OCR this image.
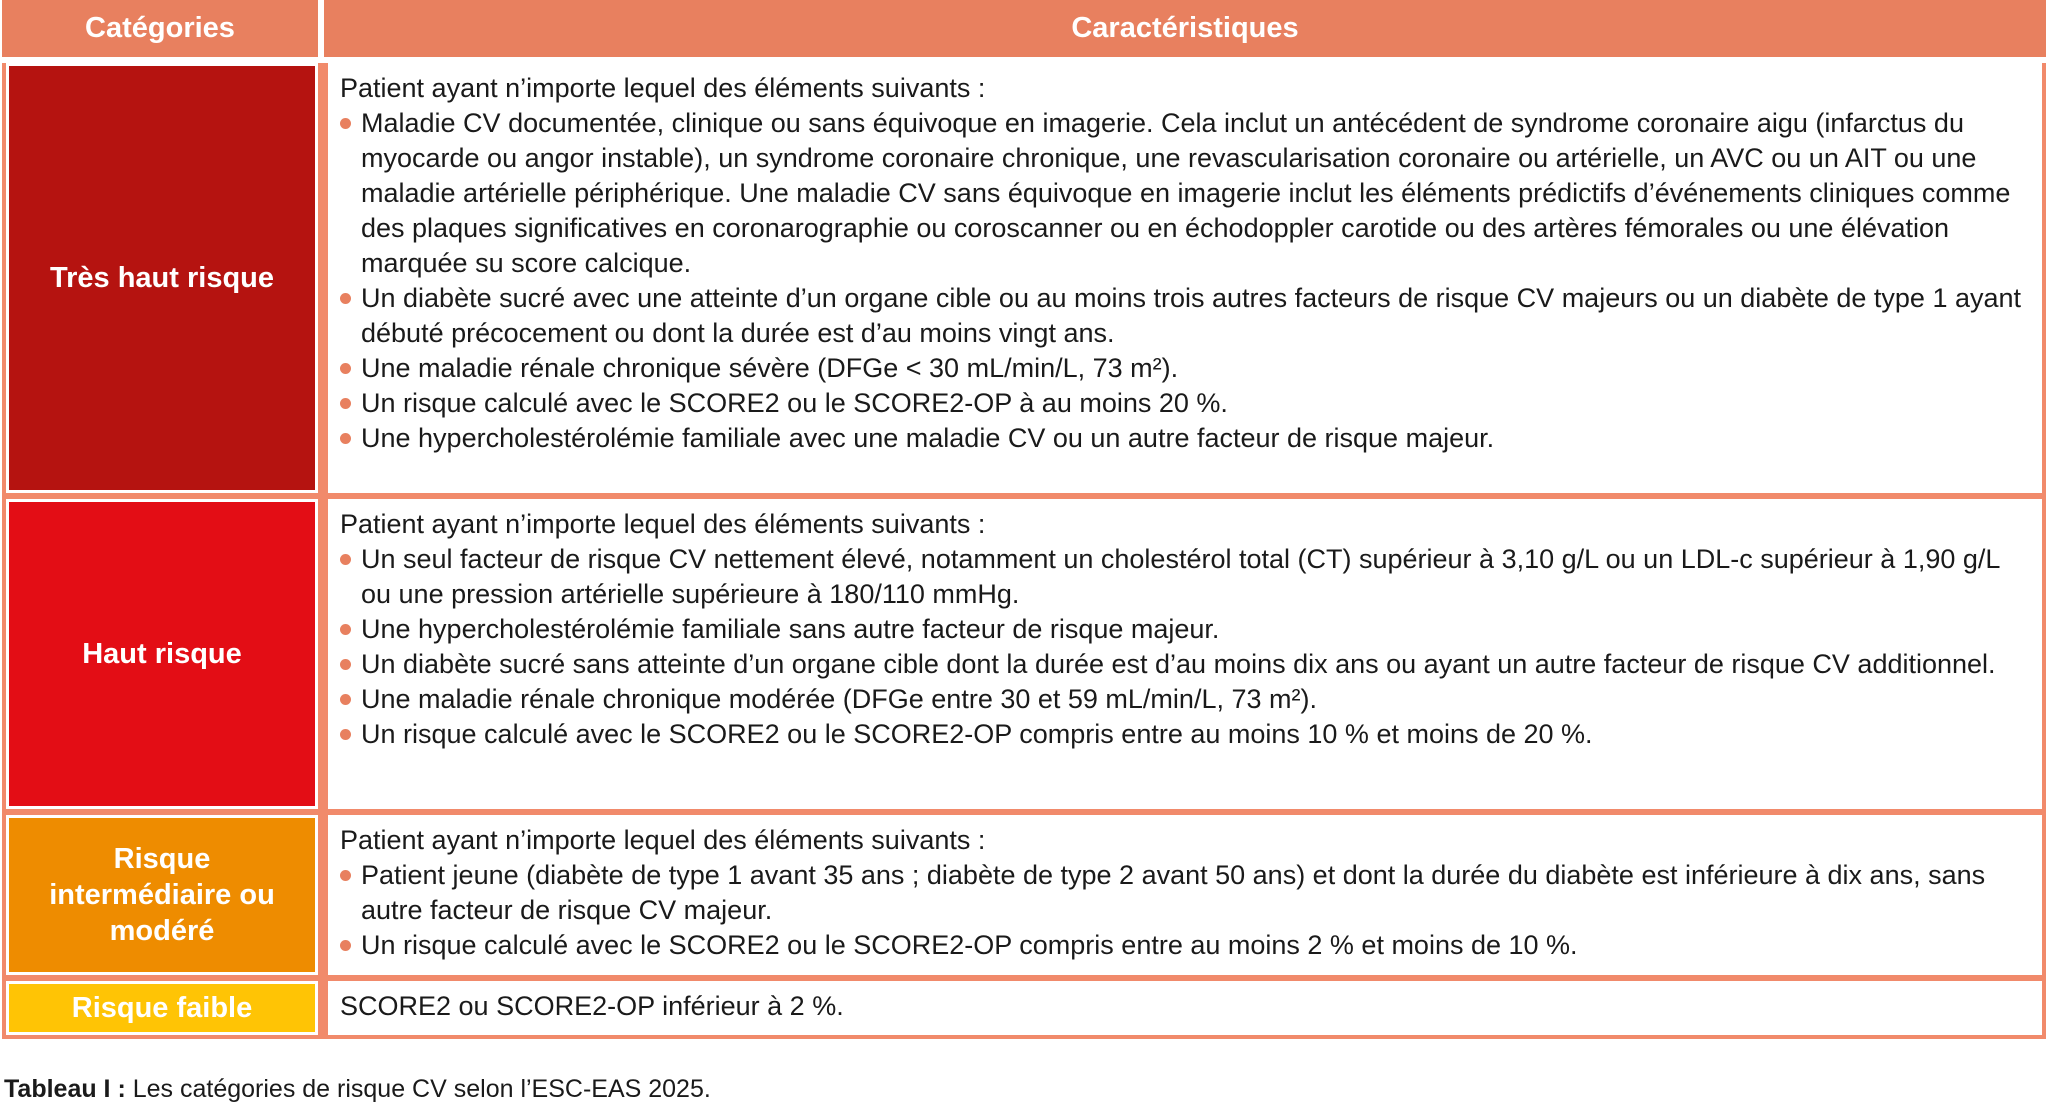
Catégories	Caractéristiques
Très haut risque
Patient ayant n’importe lequel des éléments suivants :
Maladie CV documentée, clinique ou sans équivoque en imagerie. Cela inclut un antécédent de syndrome coronaire aigu (infarctus du myocarde ou angor instable), un syndrome coronaire chronique, une revascularisation coronaire ou artérielle, un AVC ou un AIT ou une maladie artérielle périphérique. Une maladie CV sans équivoque en imagerie inclut les éléments prédictifs d’événements cliniques comme des plaques significatives en coronarographie ou coroscanner ou en échodoppler carotide ou des artères fémorales ou une élévation marquée su score calcique.
Un diabète sucré avec une atteinte d’un organe cible ou au moins trois autres facteurs de risque CV majeurs ou un diabète de type 1 ayant débuté précocement ou dont la durée est d’au moins vingt ans.
Une maladie rénale chronique sévère (DFGe < 30 mL/min/L, 73 m²).
Un risque calculé avec le SCORE2 ou le SCORE2-OP à au moins 20 %.
Une hypercholestérolémie familiale avec une maladie CV ou un autre facteur de risque majeur.
Haut risque
Patient ayant n’importe lequel des éléments suivants :
Un seul facteur de risque CV nettement élevé, notamment un cholestérol total (CT) supérieur à 3,10 g/L ou un LDL-c supérieur à 1,90 g/L ou une pression artérielle supérieure à 180/110 mmHg.
Une hypercholestérolémie familiale sans autre facteur de risque majeur.
Un diabète sucré sans atteinte d’un organe cible dont la durée est d’au moins dix ans ou ayant un autre facteur de risque CV additionnel.
Une maladie rénale chronique modérée (DFGe entre 30 et 59 mL/min/L, 73 m²).
Un risque calculé avec le SCORE2 ou le SCORE2-OP compris entre au moins 10 % et moins de 20 %.
Risque intermédiaire ou modéré
Patient ayant n’importe lequel des éléments suivants :
Patient jeune (diabète de type 1 avant 35 ans ; diabète de type 2 avant 50 ans) et dont la durée du diabète est inférieure à dix ans, sans autre facteur de risque CV majeur.
Un risque calculé avec le SCORE2 ou le SCORE2-OP compris entre au moins 2 % et moins de 10 %.
Risque faible	SCORE2 ou SCORE2-OP inférieur à 2 %.

Tableau I : Les catégories de risque CV selon l’ESC-EAS 2025.
